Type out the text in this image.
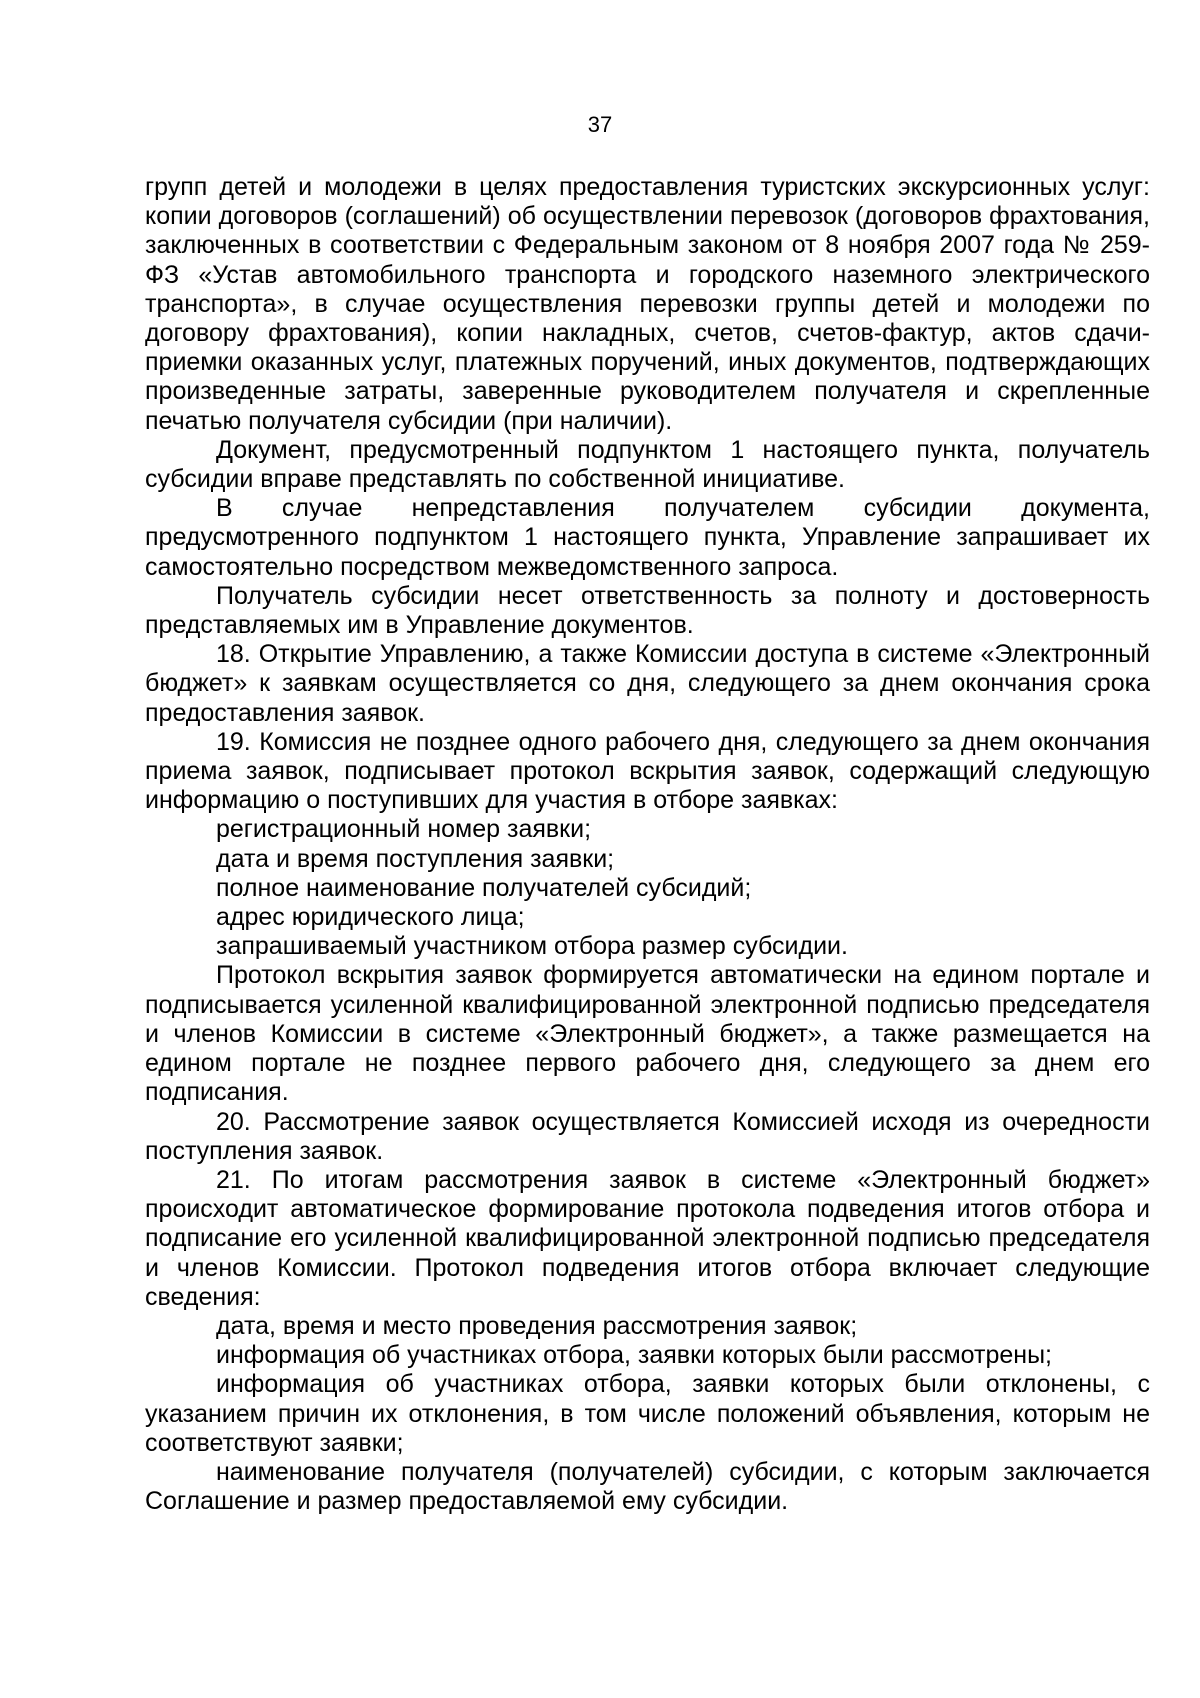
37

групп детей и молодежи в целях предоставления туристских экскурсионных услуг: копии договоров (соглашений) об осуществлении перевозок (договоров фрахтования, заключенных в соответствии с Федеральным законом от 8 ноября 2007 года № 259-ФЗ «Устав автомобильного транспорта и городского наземного электрического транспорта», в случае осуществления перевозки группы детей и молодежи по договору фрахтования), копии накладных, счетов, счетов-фактур, актов сдачи-приемки оказанных услуг, платежных поручений, иных документов, подтверждающих произведенные затраты, заверенные руководителем получателя и скрепленные печатью получателя субсидии (при наличии).

Документ, предусмотренный подпунктом 1 настоящего пункта, получатель субсидии вправе представлять по собственной инициативе.

В случае непредставления получателем субсидии документа, предусмотренного подпунктом 1 настоящего пункта, Управление запрашивает их самостоятельно посредством межведомственного запроса.

Получатель субсидии несет ответственность за полноту и достоверность представляемых им в Управление документов.

18. Открытие Управлению, а также Комиссии доступа в системе «Электронный бюджет» к заявкам осуществляется со дня, следующего за днем окончания срока предоставления заявок.

19. Комиссия не позднее одного рабочего дня, следующего за днем окончания приема заявок, подписывает протокол вскрытия заявок, содержащий следующую информацию о поступивших для участия в отборе заявках:

регистрационный номер заявки;

дата и время поступления заявки;

полное наименование получателей субсидий;

адрес юридического лица;

запрашиваемый участником отбора размер субсидии.

Протокол вскрытия заявок формируется автоматически на едином портале и подписывается усиленной квалифицированной электронной подписью председателя и членов Комиссии в системе «Электронный бюджет», а также размещается на едином портале не позднее первого рабочего дня, следующего за днем его подписания.

20. Рассмотрение заявок осуществляется Комиссией исходя из очередности поступления заявок.

21. По итогам рассмотрения заявок в системе «Электронный бюджет» происходит автоматическое формирование протокола подведения итогов отбора и подписание его усиленной квалифицированной электронной подписью председателя и членов Комиссии. Протокол подведения итогов отбора включает следующие сведения:

дата, время и место проведения рассмотрения заявок;

информация об участниках отбора, заявки которых были рассмотрены;

информация об участниках отбора, заявки которых были отклонены, с указанием причин их отклонения, в том числе положений объявления, которым не соответствуют заявки;

наименование получателя (получателей) субсидии, с которым заключается Соглашение и размер предоставляемой ему субсидии.
